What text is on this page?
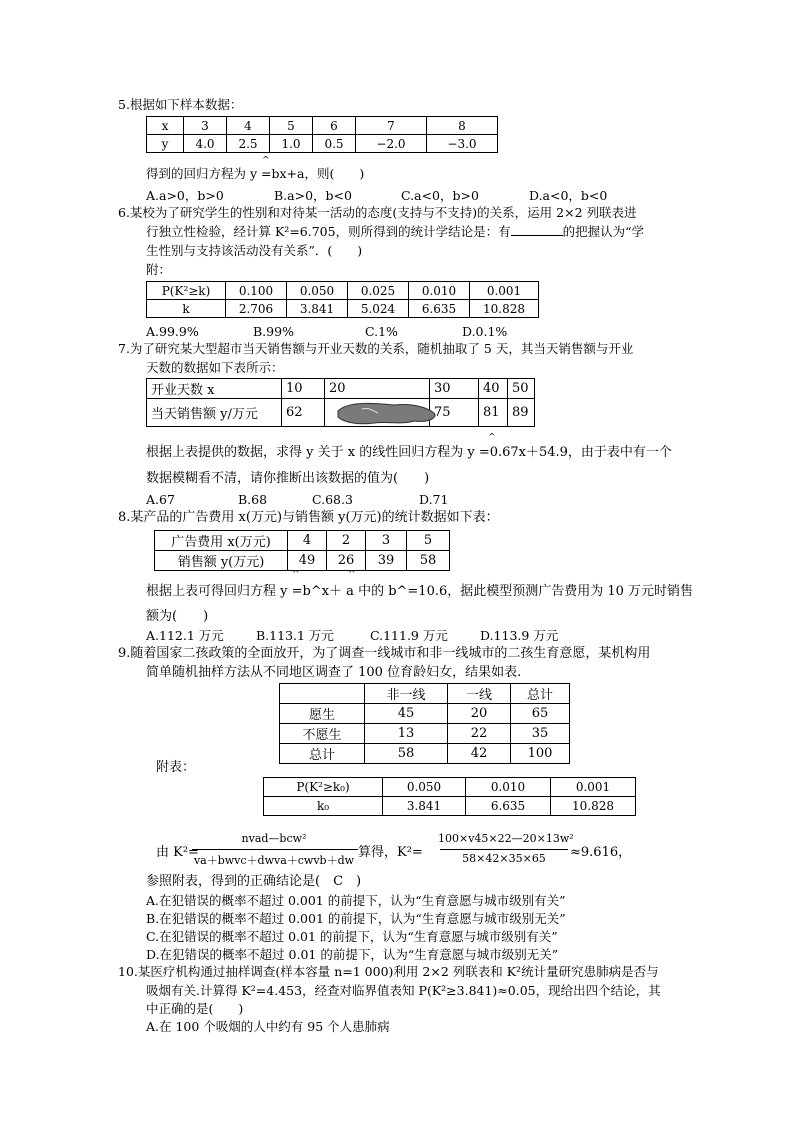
5.根据如下样本数据：
x	3	4	5	6	7	8
y	4.0	2.5	1.0	0.5	−2.0	−3.0
^
得到的回归方程为 y =bx+a，则(　　)
A.a>0，b>0	B.a>0，b<0	C.a<0，b>0	D.a<0，b<0
6.某校为了研究学生的性别和对待某一活动的态度(支持与不支持)的关系，运用 2×2 列联表进
行独立性检验，经计算 K²=6.705，则所得到的统计学结论是：有	的把握认为“学
生性别与支持该活动没有关系”．(　　)
附：
P(K²≥k)	0.100	0.050	0.025	0.010	0.001
k	2.706	3.841	5.024	6.635	10.828
A.99.9%	B.99%	C.1%	D.0.1%
7.为了研究某大型超市当天销售额与开业天数的关系，随机抽取了 5 天，其当天销售额与开业
天数的数据如下表所示：
开业天数 x	10	20	30	40	50
当天销售额 y/万元	62		75	81	89
^
根据上表提供的数据，求得 y 关于 x 的线性回归方程为 y =0.67x＋54.9，由于表中有一个
数据模糊看不清，请你推断出该数据的值为(　　)
A.67	B.68	C.68.3	D.71
8.某产品的广告费用 x(万元)与销售额 y(万元)的统计数据如下表：
广告费用 x(万元)	4	2	3	5
销售额 y(万元)	49	26	39	58
^	^
根据上表可得回归方程 y =b^x＋ a 中的 b^=10.6，据此模型预测广告费用为 10 万元时销售
额为(　　)
A.112.1 万元	B.113.1 万元	C.111.9 万元	D.113.9 万元
9.随着国家二孩政策的全面放开，为了调查一线城市和非一线城市的二孩生育意愿，某机构用
简单随机抽样方法从不同地区调查了 100 位育龄妇女，结果如表.
	非一线	一线	总计
愿生	45	20	65
不愿生	13	22	35
总计	58	42	100
附表：
P(K²≥k₀)	0.050	0.010	0.001
k₀	3.841	6.635	10.828
由 K²=
nvad—bcw²
va＋bwvc＋dwva＋cwvb＋dw
算得，K²=
100×v45×22—20×13w²
58×42×35×65	≈9.616，
参照附表，得到的正确结论是(　C　)
A.在犯错误的概率不超过 0.001 的前提下，认为“生育意愿与城市级别有关”
B.在犯错误的概率不超过 0.001 的前提下，认为“生育意愿与城市级别无关”
C.在犯错误的概率不超过 0.01 的前提下，认为“生育意愿与城市级别有关”
D.在犯错误的概率不超过 0.01 的前提下，认为“生育意愿与城市级别无关”
10.某医疗机构通过抽样调查(样本容量 n=1 000)利用 2×2 列联表和 K²统计量研究患肺病是否与
吸烟有关.计算得 K²=4.453，经查对临界值表知 P(K²≥3.841)≈0.05，现给出四个结论，其
中正确的是(　　)
A.在 100 个吸烟的人中约有 95 个人患肺病
